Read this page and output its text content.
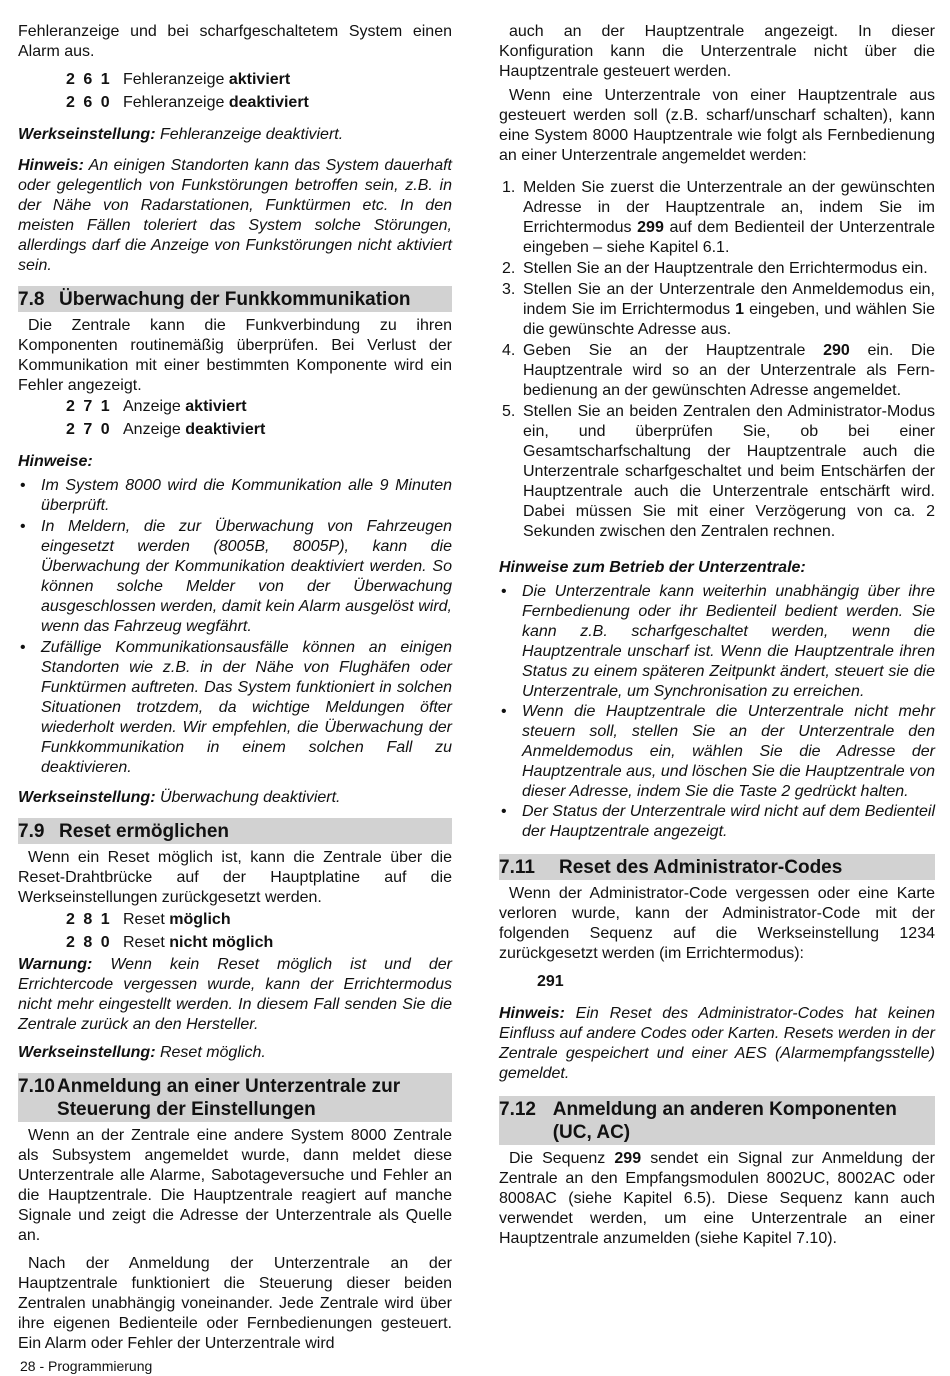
Fehleranzeige und bei scharfgeschaltetem System einen Alarm aus.

2 6 1 Fehleranzeige aktiviert
2 6 0 Fehleranzeige deaktiviert

Werkseinstellung: Fehleranzeige deaktiviert.

Hinweis: An einigen Standorten kann das System dauerhaft oder gelegentlich von Funkstörungen betroffen sein, z.B. in der Nähe von Radarstationen, Funktürmen etc. In den meisten Fällen toleriert das System solche Störungen, allerdings darf die Anzeige von Funkstörungen nicht aktiviert sein.

7.8 Überwachung der Funkkommunikation

Die Zentrale kann die Funkverbindung zu ihren Komponenten routinemäßig überprüfen. Bei Verlust der Kommunikation mit einer bestimmten Komponente wird ein Fehler angezeigt.

2 7 1 Anzeige aktiviert
2 7 0 Anzeige deaktiviert

Hinweise:

• Im System 8000 wird die Kommunikation alle 9 Minuten überprüft.
• In Meldern, die zur Überwachung von Fahrzeugen eingesetzt werden (8005B, 8005P), kann die Überwachung der Kommunikation deaktiviert werden. So können solche Melder von der Überwachung ausgeschlossen werden, damit kein Alarm ausgelöst wird, wenn das Fahrzeug wegfährt.
• Zufällige Kommunikationsausfälle können an einigen Standorten wie z.B. in der Nähe von Flughäfen oder Funktürmen auftreten. Das System funktioniert in solchen Situationen trotzdem, da wichtige Meldungen öfter wiederholt werden. Wir empfehlen, die Überwachung der Funkkommunikation in einem solchen Fall zu deaktivieren.

Werkseinstellung: Überwachung deaktiviert.

7.9 Reset ermöglichen

Wenn ein Reset möglich ist, kann die Zentrale über die Reset-Drahtbrücke auf der Hauptplatine auf die Werkseinstellungen zurückgesetzt werden.

2 8 1 Reset möglich
2 8 0 Reset nicht möglich

Warnung: Wenn kein Reset möglich ist und der Errichtercode vergessen wurde, kann der Errichtermodus nicht mehr eingestellt werden. In diesem Fall senden Sie die Zentrale zurück an den Hersteller.

Werkseinstellung: Reset möglich.

7.10 Anmeldung an einer Unterzentrale zur Steuerung der Einstellungen

Wenn an der Zentrale eine andere System 8000 Zentrale als Subsystem angemeldet wurde, dann meldet diese Unterzentrale alle Alarme, Sabotageversuche und Fehler an die Hauptzentrale. Die Hauptzentrale reagiert auf manche Signale und zeigt die Adresse der Unterzentrale als Quelle an.

Nach der Anmeldung der Unterzentrale an der Hauptzentrale funktioniert die Steuerung dieser beiden Zentralen unabhängig voneinander. Jede Zentrale wird über ihre eigenen Bedienteile oder Fernbedienungen gesteuert. Ein Alarm oder Fehler der Unterzentrale wird

auch an der Hauptzentrale angezeigt. In dieser Konfiguration kann die Unterzentrale nicht über die Hauptzentrale gesteuert werden.

Wenn eine Unterzentrale von einer Hauptzentrale aus gesteuert werden soll (z.B. scharf/unscharf schalten), kann eine System 8000 Hauptzentrale wie folgt als Fernbedienung an einer Unterzentrale angemeldet werden:

1. Melden Sie zuerst die Unterzentrale an der gewünschten Adresse in der Hauptzentrale an, indem Sie im Errichtermodus 299 auf dem Bedienteil der Unterzentrale eingeben – siehe Kapitel 6.1.
2. Stellen Sie an der Hauptzentrale den Errichtermodus ein.
3. Stellen Sie an der Unterzentrale den Anmeldemodus ein, indem Sie im Errichtermodus 1 eingeben, und wählen Sie die gewünschte Adresse aus.
4. Geben Sie an der Hauptzentrale 290 ein. Die Hauptzentrale wird so an der Unterzentrale als Fernbedienung an der gewünschten Adresse angemeldet.
5. Stellen Sie an beiden Zentralen den Administrator-Modus ein, und überprüfen Sie, ob bei einer Gesamtscharfschaltung der Hauptzentrale auch die Unterzentrale scharfgeschaltet und beim Entschärfen der Hauptzentrale auch die Unterzentrale entschärft wird. Dabei müssen Sie mit einer Verzögerung von ca. 2 Sekunden zwischen den Zentralen rechnen.

Hinweise zum Betrieb der Unterzentrale:

• Die Unterzentrale kann weiterhin unabhängig über ihre Fernbedienung oder ihr Bedienteil bedient werden. Sie kann z.B. scharfgeschaltet werden, wenn die Hauptzentrale unscharf ist. Wenn die Hauptzentrale ihren Status zu einem späteren Zeitpunkt ändert, steuert sie die Unterzentrale, um Synchronisation zu erreichen.
• Wenn die Hauptzentrale die Unterzentrale nicht mehr steuern soll, stellen Sie an der Unterzentrale den Anmeldemodus ein, wählen Sie die Adresse der Hauptzentrale aus, und löschen Sie die Hauptzentrale von dieser Adresse, indem Sie die Taste 2 gedrückt halten.
• Der Status der Unterzentrale wird nicht auf dem Bedienteil der Hauptzentrale angezeigt.
7.11	Reset des Administrator-Codes

Wenn der Administrator-Code vergessen oder eine Karte verloren wurde, kann der Administrator-Code mit der folgenden Sequenz auf die Werkseinstellung 1234 zurückgesetzt werden (im Errichtermodus):

291

Hinweis: Ein Reset des Administrator-Codes hat keinen Einfluss auf andere Codes oder Karten. Resets werden in der Zentrale gespeichert und einer AES (Alarmempfangsstelle) gemeldet.

7.12 Anmeldung an anderen Komponenten (UC, AC)

Die Sequenz 299 sendet ein Signal zur Anmeldung der Zentrale an den Empfangsmodulen 8002UC, 8002AC oder 8008AC (siehe Kapitel 6.5). Diese Sequenz kann auch verwendet werden, um eine Unterzentrale an einer Hauptzentrale anzumelden (siehe Kapitel 7.10).

28 - Programmierung
